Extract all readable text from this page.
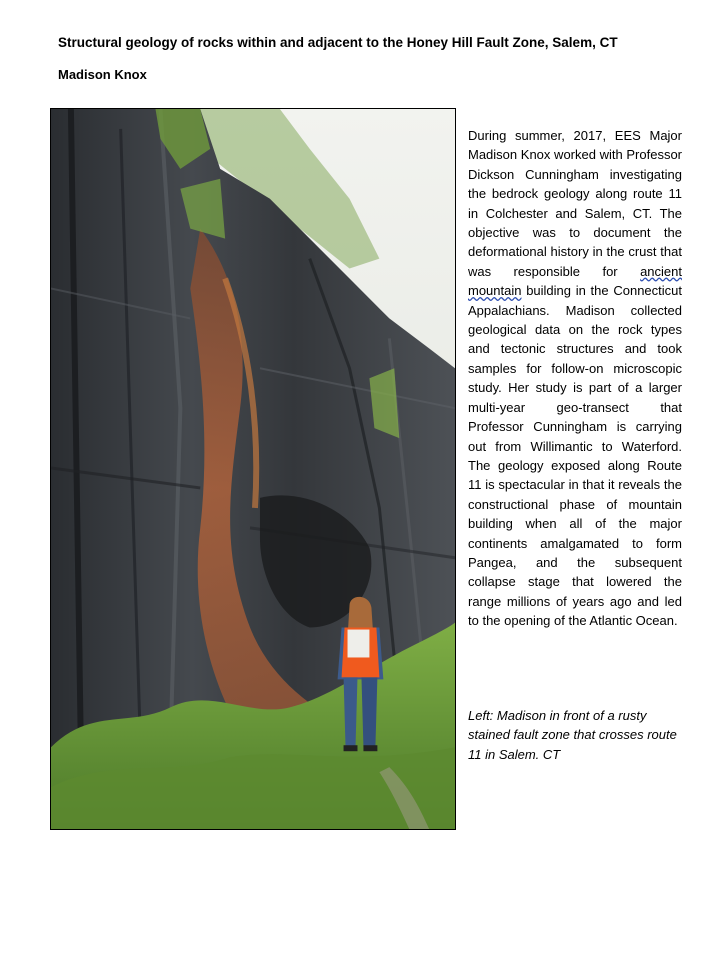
Structural geology of rocks within and adjacent to the Honey Hill Fault Zone, Salem, CT
Madison Knox

During summer, 2017, EES Major Madison Knox worked with Professor Dickson Cunningham investigating the bedrock geology along route 11 in Colchester and Salem, CT. The objective was to document the deformational history in the crust that was responsible for ancient mountain building in the Connecticut Appalachians. Madison collected geological data on the rock types and tectonic structures and took samples for follow-on microscopic study. Her study is part of a larger multi-year geo-transect that Professor Cunningham is carrying out from Willimantic to Waterford. The geology exposed along Route 11 is spectacular in that it reveals the constructional phase of mountain building when all of the major continents amalgamated to form Pangea, and the subsequent collapse stage that lowered the range millions of years ago and led to the opening of the Atlantic Ocean.

Left: Madison in front of a rusty stained fault zone that crosses route 11 in Salem. CT
